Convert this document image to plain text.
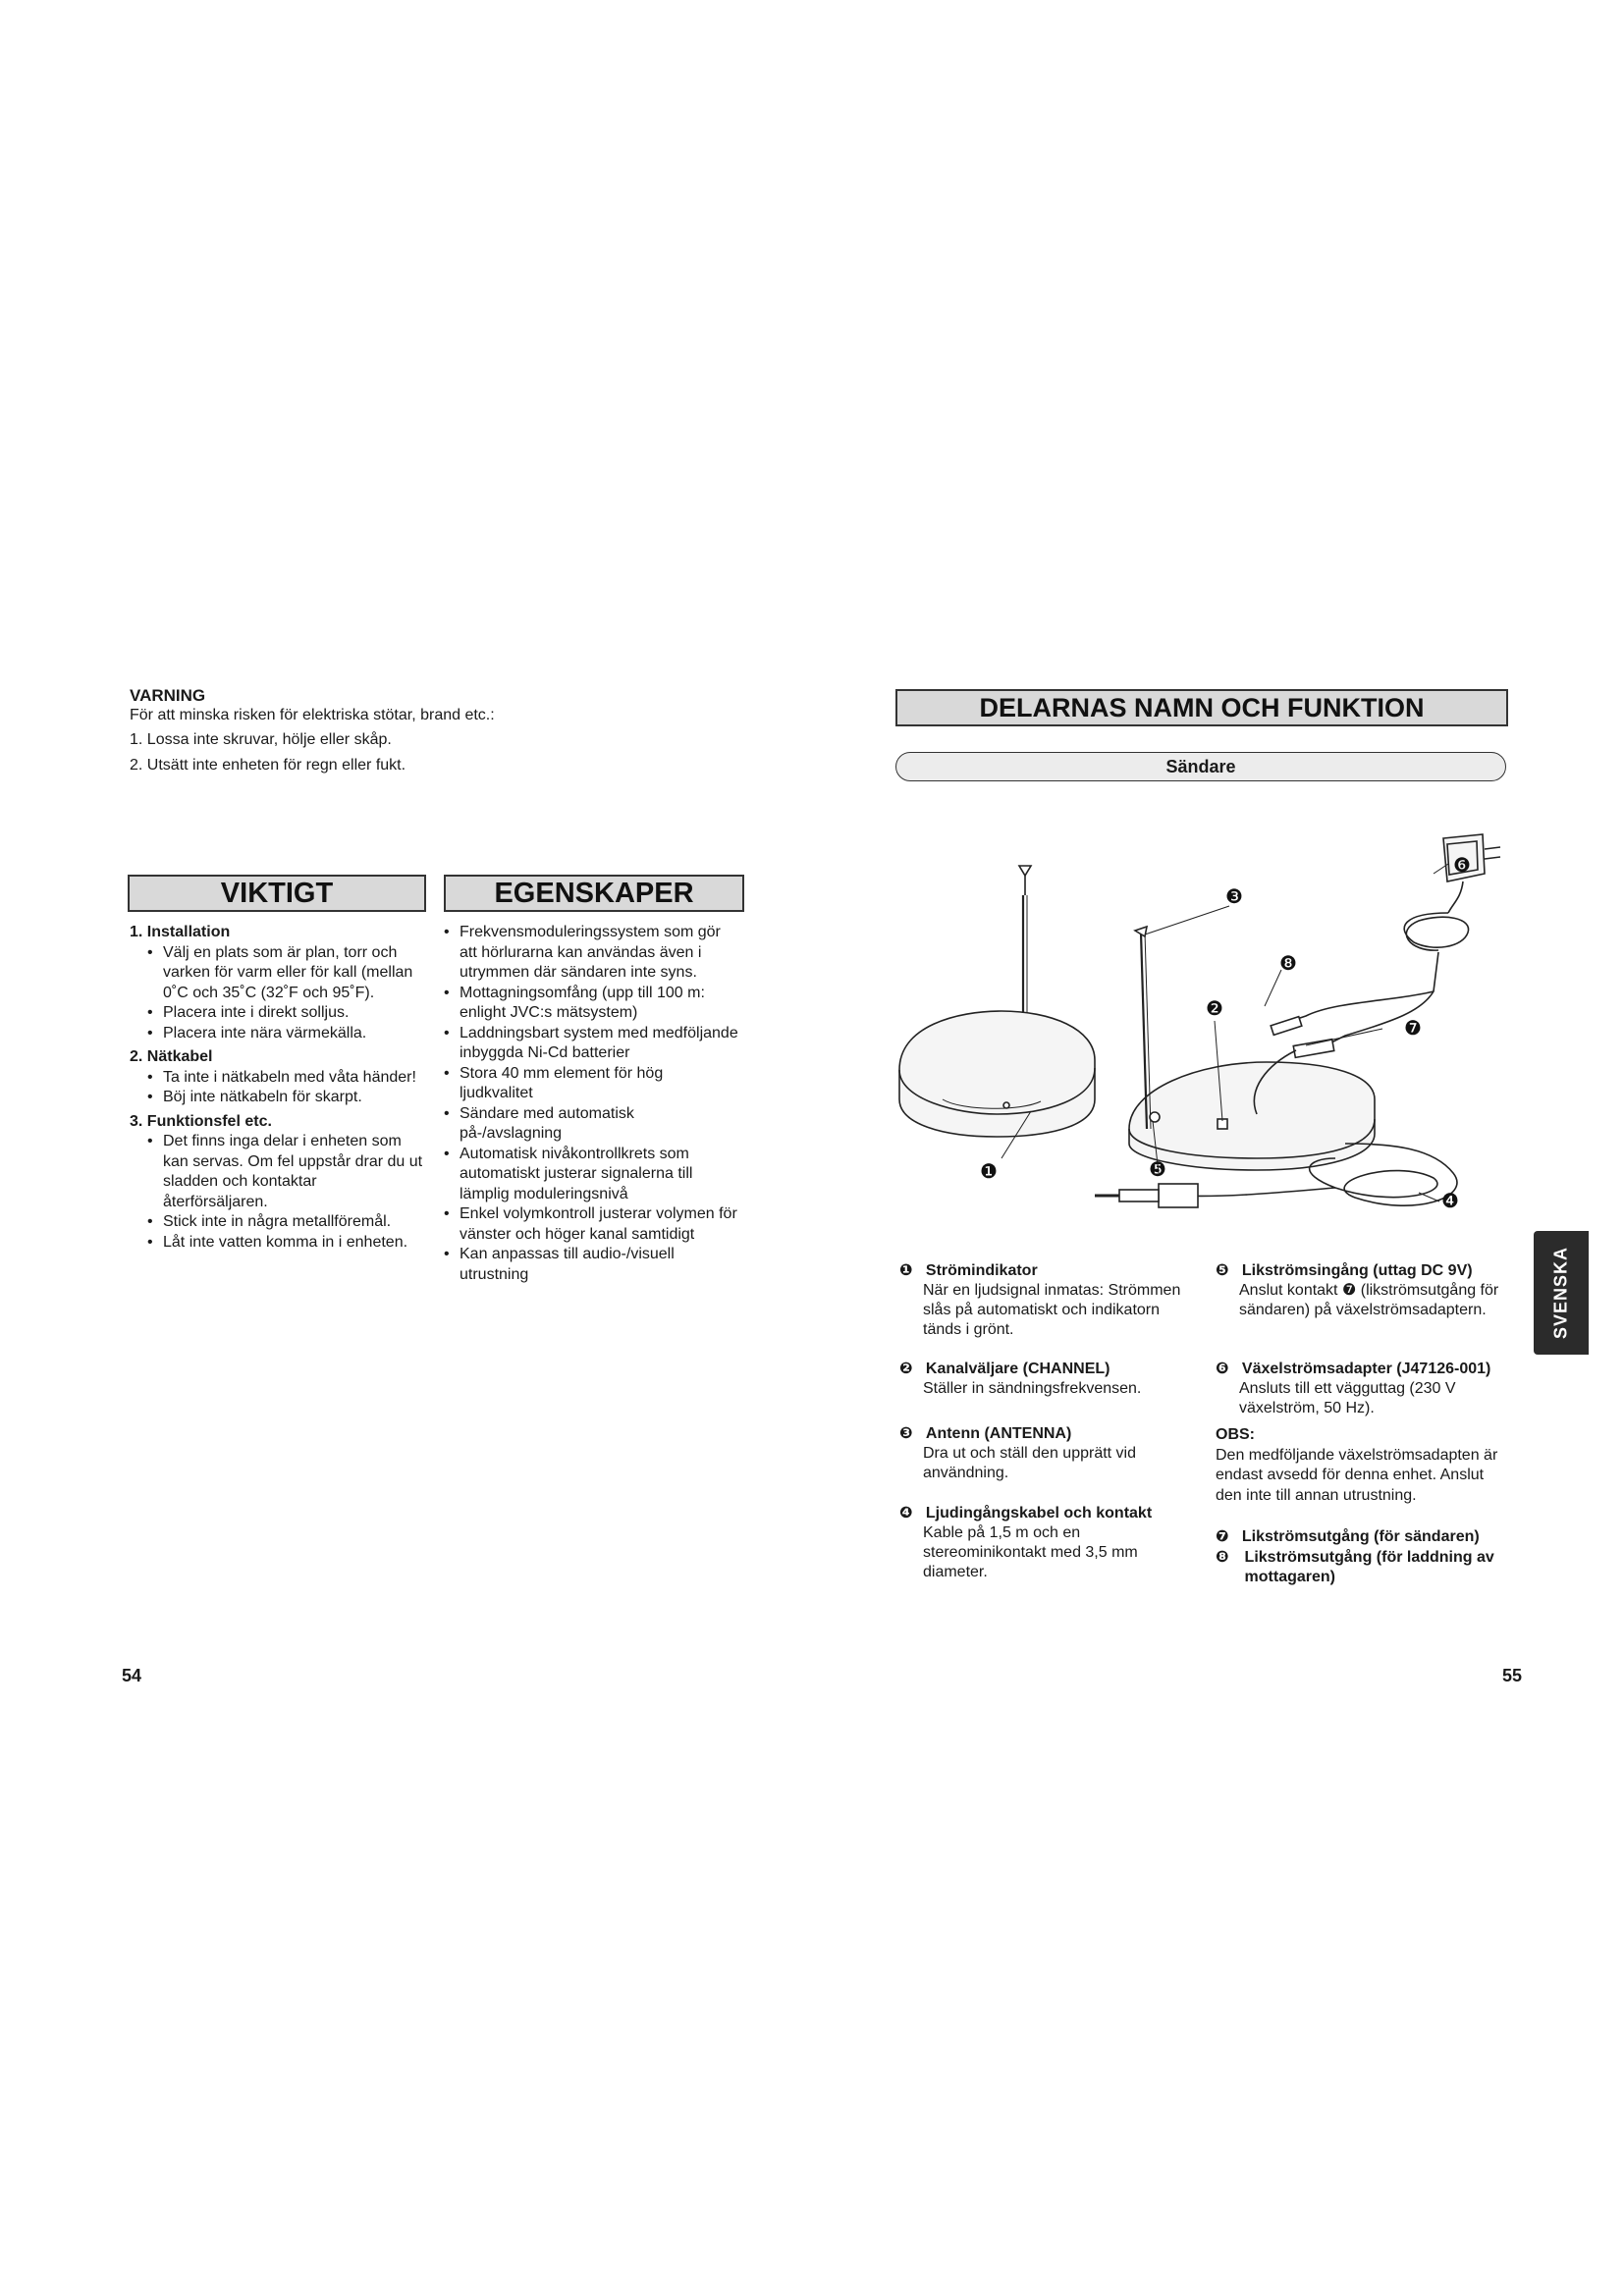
VARNING
För att minska risken för elektriska stötar, brand etc.:
1. Lossa inte skruvar, hölje eller skåp.
2. Utsätt inte enheten för regn eller fukt.
VIKTIGT	EGENSKAPER
1. Installation
• Välj en plats som är plan, torr och varken för varm eller för kall (mellan 0˚C och 35˚C (32˚F och 95˚F).
• Placera inte i direkt solljus.
• Placera inte nära värmekälla.
2. Nätkabel
• Ta inte i nätkabeln med våta händer!
• Böj inte nätkabeln för skarpt.
3. Funktionsfel etc.
• Det finns inga delar i enheten som kan servas. Om fel uppstår drar du ut sladden och kontaktar återförsäljaren.
• Stick inte in några metallföremål.
• Låt inte vatten komma in i enheten.
• Frekvensmoduleringssystem som gör att hörlurarna kan användas även i utrymmen där sändaren inte syns.
• Mottagningsomfång (upp till 100 m: enlight JVC:s mätsystem)
• Laddningsbart system med medföljande inbyggda Ni-Cd batterier
• Stora 40 mm element för hög ljudkvalitet
• Sändare med automatisk på-/avslagning
• Automatisk nivåkontrollkrets som automatiskt justerar signalerna till lämplig moduleringsnivå
• Enkel volymkontroll justerar volymen för vänster och höger kanal samtidigt
• Kan anpassas till audio-/visuell utrustning
54
DELARNAS NAMN OCH FUNKTION
Sändare
❶
❷
❸
❹
❺
❻
❼
❽
❶ Strömindikator
När en ljudsignal inmatas: Strömmen slås på automatiskt och indikatorn tänds i grönt.
❷ Kanalväljare (CHANNEL)
Ställer in sändningsfrekvensen.
❸ Antenn (ANTENNA)
Dra ut och ställ den upprätt vid användning.
❹ Ljudingångskabel och kontakt
Kable på 1,5 m och en stereominikontakt med 3,5 mm diameter.
❺ Likströmsingång (uttag DC 9V)
Anslut kontakt ❼ (likströmsutgång för sändaren) på växelströmsadaptern.
❻ Växelströmsadapter (J47126-001)
Ansluts till ett vägguttag (230 V växelström, 50 Hz).
OBS:
Den medföljande växelströmsadapten är endast avsedd för denna enhet. Anslut den inte till annan utrustning.
❼ Likströmsutgång (för sändaren)
❽ Likströmsutgång (för laddning av mottagaren)
SVENSKA
55
